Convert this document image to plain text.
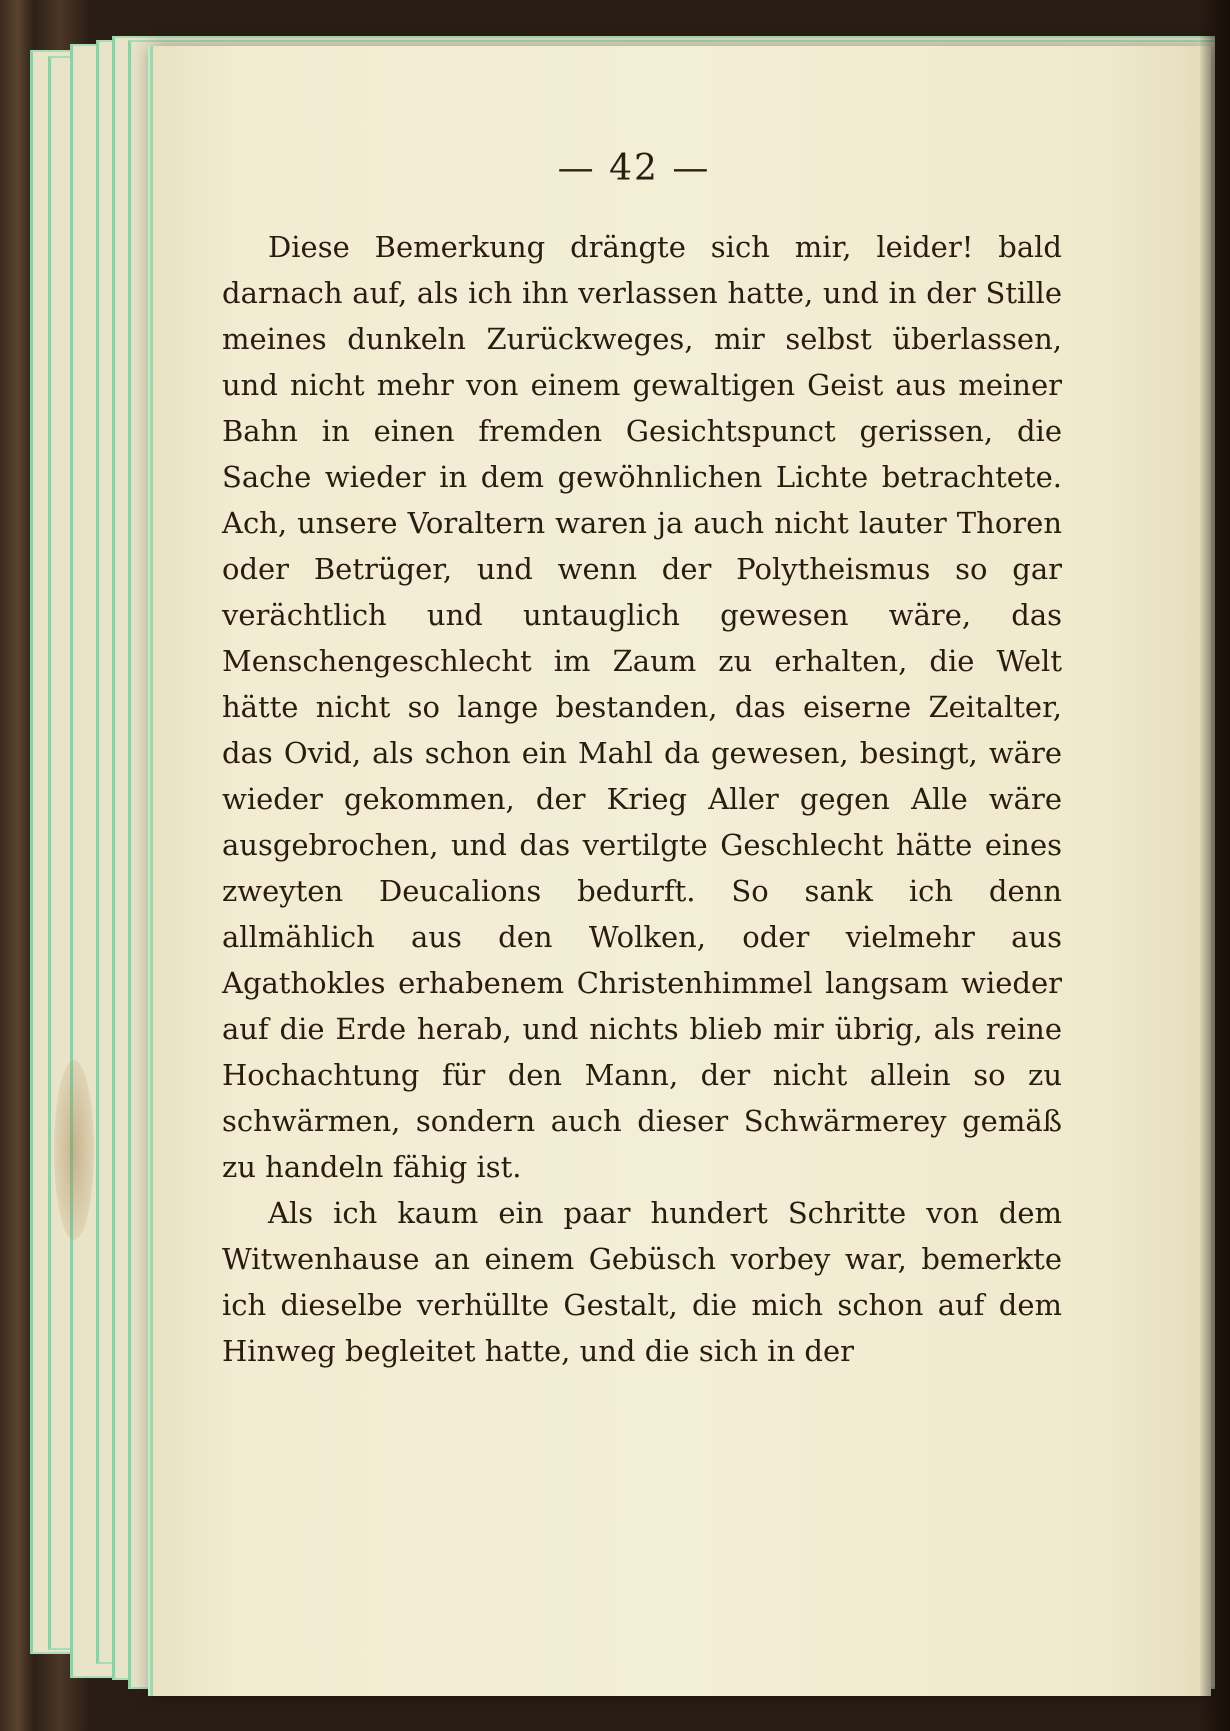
— 42 —

Diese Bemerkung drängte sich mir, leider! bald darnach auf, als ich ihn verlassen hatte, und in der Stille meines dunkeln Zurückweges, mir selbst überlassen, und nicht mehr von einem gewaltigen Geist aus meiner Bahn in einen fremden Gesichtspunct gerissen, die Sache wieder in dem gewöhnlichen Lichte betrachtete. Ach, unsere Voraltern waren ja auch nicht lauter Thoren oder Betrüger, und wenn der Polytheismus so gar verächtlich und untauglich gewesen wäre, das Menschengeschlecht im Zaum zu erhalten, die Welt hätte nicht so lange bestanden, das eiserne Zeitalter, das Ovid, als schon ein Mahl da gewesen, besingt, wäre wieder gekommen, der Krieg Aller gegen Alle wäre ausgebrochen, und das vertilgte Geschlecht hätte eines zweyten Deucalions bedurft. So sank ich denn allmählich aus den Wolken, oder vielmehr aus Agathokles erhabenem Christenhimmel langsam wieder auf die Erde herab, und nichts blieb mir übrig, als reine Hochachtung für den Mann, der nicht allein so zu schwärmen, sondern auch dieser Schwärmerey gemäß zu handeln fähig ist.

Als ich kaum ein paar hundert Schritte von dem Witwenhause an einem Gebüsch vorbey war, bemerkte ich dieselbe verhüllte Gestalt, die mich schon auf dem Hinweg begleitet hatte, und die sich in der
